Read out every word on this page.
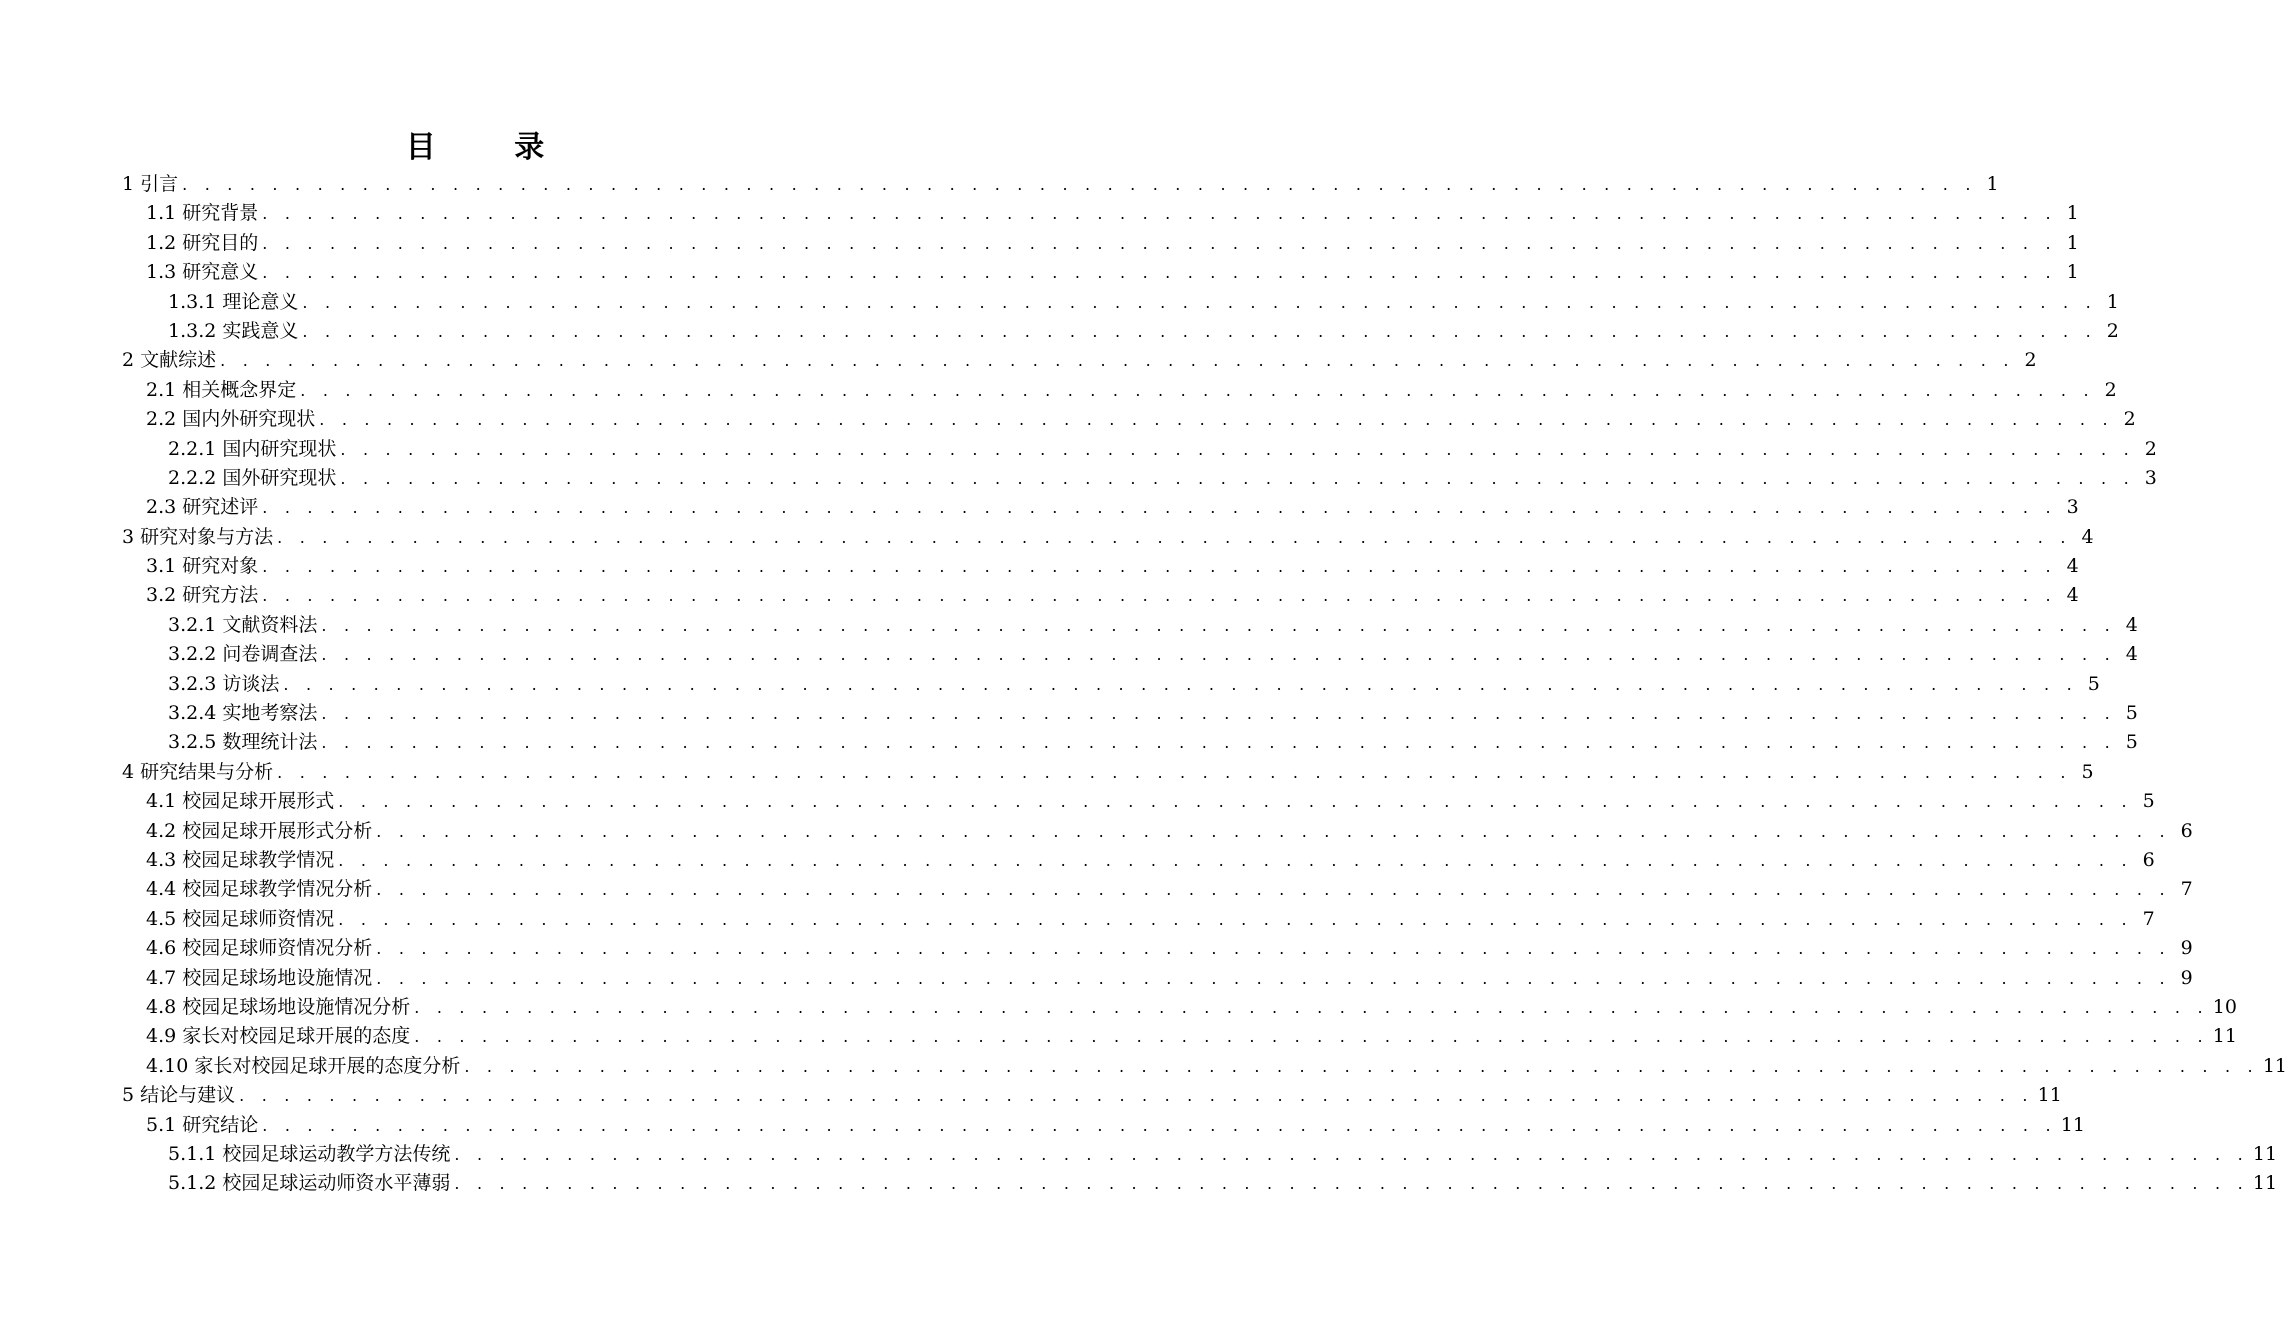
目 录
1 引言 . . . . . . . . . . . . . . . . . . . . . . . . . . . . . . . . . . . . . . . . . . . . . . . . . . . . . . . . . . . . . . . . . . . . . . . . . . . . . . . . 1
1.1 研究背景 . . . . . . . . . . . . . . . . . . . . . . . . . . . . . . . . . . . . . . . . . . . . . . . . . . . . . . . . . . . . . . . . . . . . . . . . . . . . . . . . 1
1.2 研究目的 . . . . . . . . . . . . . . . . . . . . . . . . . . . . . . . . . . . . . . . . . . . . . . . . . . . . . . . . . . . . . . . . . . . . . . . . . . . . . . . . 1
1.3 研究意义 . . . . . . . . . . . . . . . . . . . . . . . . . . . . . . . . . . . . . . . . . . . . . . . . . . . . . . . . . . . . . . . . . . . . . . . . . . . . . . . . 1
1.3.1 理论意义 . . . . . . . . . . . . . . . . . . . . . . . . . . . . . . . . . . . . . . . . . . . . . . . . . . . . . . . . . . . . . . . . . . . . . . . . . . . . . . . . 1
1.3.2 实践意义 . . . . . . . . . . . . . . . . . . . . . . . . . . . . . . . . . . . . . . . . . . . . . . . . . . . . . . . . . . . . . . . . . . . . . . . . . . . . . . . . 2
2 文献综述 . . . . . . . . . . . . . . . . . . . . . . . . . . . . . . . . . . . . . . . . . . . . . . . . . . . . . . . . . . . . . . . . . . . . . . . . . . . . . . . . 2
2.1 相关概念界定 . . . . . . . . . . . . . . . . . . . . . . . . . . . . . . . . . . . . . . . . . . . . . . . . . . . . . . . . . . . . . . . . . . . . . . . . . . . . . . . . 2
2.2 国内外研究现状 . . . . . . . . . . . . . . . . . . . . . . . . . . . . . . . . . . . . . . . . . . . . . . . . . . . . . . . . . . . . . . . . . . . . . . . . . . . . . . . . 2
2.2.1 国内研究现状 . . . . . . . . . . . . . . . . . . . . . . . . . . . . . . . . . . . . . . . . . . . . . . . . . . . . . . . . . . . . . . . . . . . . . . . . . . . . . . . . 2
2.2.2 国外研究现状 . . . . . . . . . . . . . . . . . . . . . . . . . . . . . . . . . . . . . . . . . . . . . . . . . . . . . . . . . . . . . . . . . . . . . . . . . . . . . . . . 3
2.3 研究述评 . . . . . . . . . . . . . . . . . . . . . . . . . . . . . . . . . . . . . . . . . . . . . . . . . . . . . . . . . . . . . . . . . . . . . . . . . . . . . . . . 3
3 研究对象与方法 . . . . . . . . . . . . . . . . . . . . . . . . . . . . . . . . . . . . . . . . . . . . . . . . . . . . . . . . . . . . . . . . . . . . . . . . . . . . . . . . 4
3.1 研究对象 . . . . . . . . . . . . . . . . . . . . . . . . . . . . . . . . . . . . . . . . . . . . . . . . . . . . . . . . . . . . . . . . . . . . . . . . . . . . . . . . 4
3.2 研究方法 . . . . . . . . . . . . . . . . . . . . . . . . . . . . . . . . . . . . . . . . . . . . . . . . . . . . . . . . . . . . . . . . . . . . . . . . . . . . . . . . 4
3.2.1 文献资料法 . . . . . . . . . . . . . . . . . . . . . . . . . . . . . . . . . . . . . . . . . . . . . . . . . . . . . . . . . . . . . . . . . . . . . . . . . . . . . . . . 4
3.2.2 问卷调查法 . . . . . . . . . . . . . . . . . . . . . . . . . . . . . . . . . . . . . . . . . . . . . . . . . . . . . . . . . . . . . . . . . . . . . . . . . . . . . . . . 4
3.2.3 访谈法 . . . . . . . . . . . . . . . . . . . . . . . . . . . . . . . . . . . . . . . . . . . . . . . . . . . . . . . . . . . . . . . . . . . . . . . . . . . . . . . . 5
3.2.4 实地考察法 . . . . . . . . . . . . . . . . . . . . . . . . . . . . . . . . . . . . . . . . . . . . . . . . . . . . . . . . . . . . . . . . . . . . . . . . . . . . . . . . 5
3.2.5 数理统计法 . . . . . . . . . . . . . . . . . . . . . . . . . . . . . . . . . . . . . . . . . . . . . . . . . . . . . . . . . . . . . . . . . . . . . . . . . . . . . . . . 5
4 研究结果与分析 . . . . . . . . . . . . . . . . . . . . . . . . . . . . . . . . . . . . . . . . . . . . . . . . . . . . . . . . . . . . . . . . . . . . . . . . . . . . . . . . 5
4.1 校园足球开展形式 . . . . . . . . . . . . . . . . . . . . . . . . . . . . . . . . . . . . . . . . . . . . . . . . . . . . . . . . . . . . . . . . . . . . . . . . . . . . . . . . 5
4.2 校园足球开展形式分析 . . . . . . . . . . . . . . . . . . . . . . . . . . . . . . . . . . . . . . . . . . . . . . . . . . . . . . . . . . . . . . . . . . . . . . . . . . . . . . . . 6
4.3 校园足球教学情况 . . . . . . . . . . . . . . . . . . . . . . . . . . . . . . . . . . . . . . . . . . . . . . . . . . . . . . . . . . . . . . . . . . . . . . . . . . . . . . . . 6
4.4 校园足球教学情况分析 . . . . . . . . . . . . . . . . . . . . . . . . . . . . . . . . . . . . . . . . . . . . . . . . . . . . . . . . . . . . . . . . . . . . . . . . . . . . . . . . 7
4.5 校园足球师资情况 . . . . . . . . . . . . . . . . . . . . . . . . . . . . . . . . . . . . . . . . . . . . . . . . . . . . . . . . . . . . . . . . . . . . . . . . . . . . . . . . 7
4.6 校园足球师资情况分析 . . . . . . . . . . . . . . . . . . . . . . . . . . . . . . . . . . . . . . . . . . . . . . . . . . . . . . . . . . . . . . . . . . . . . . . . . . . . . . . . 9
4.7 校园足球场地设施情况 . . . . . . . . . . . . . . . . . . . . . . . . . . . . . . . . . . . . . . . . . . . . . . . . . . . . . . . . . . . . . . . . . . . . . . . . . . . . . . . . 9
4.8 校园足球场地设施情况分析 . . . . . . . . . . . . . . . . . . . . . . . . . . . . . . . . . . . . . . . . . . . . . . . . . . . . . . . . . . . . . . . . . . . . . . . . . . . . . . . . 10
4.9 家长对校园足球开展的态度 . . . . . . . . . . . . . . . . . . . . . . . . . . . . . . . . . . . . . . . . . . . . . . . . . . . . . . . . . . . . . . . . . . . . . . . . . . . . . . . . 11
4.10 家长对校园足球开展的态度分析 . . . . . . . . . . . . . . . . . . . . . . . . . . . . . . . . . . . . . . . . . . . . . . . . . . . . . . . . . . . . . . . . . . . . . . . . . . . . . . . . 11
5 结论与建议 . . . . . . . . . . . . . . . . . . . . . . . . . . . . . . . . . . . . . . . . . . . . . . . . . . . . . . . . . . . . . . . . . . . . . . . . . . . . . . . . 11
5.1 研究结论 . . . . . . . . . . . . . . . . . . . . . . . . . . . . . . . . . . . . . . . . . . . . . . . . . . . . . . . . . . . . . . . . . . . . . . . . . . . . . . . . 11
5.1.1 校园足球运动教学方法传统 . . . . . . . . . . . . . . . . . . . . . . . . . . . . . . . . . . . . . . . . . . . . . . . . . . . . . . . . . . . . . . . . . . . . . . . . . . . . . . . . 11
5.1.2 校园足球运动师资水平薄弱 . . . . . . . . . . . . . . . . . . . . . . . . . . . . . . . . . . . . . . . . . . . . . . . . . . . . . . . . . . . . . . . . . . . . . . . . . . . . . . . . 11
